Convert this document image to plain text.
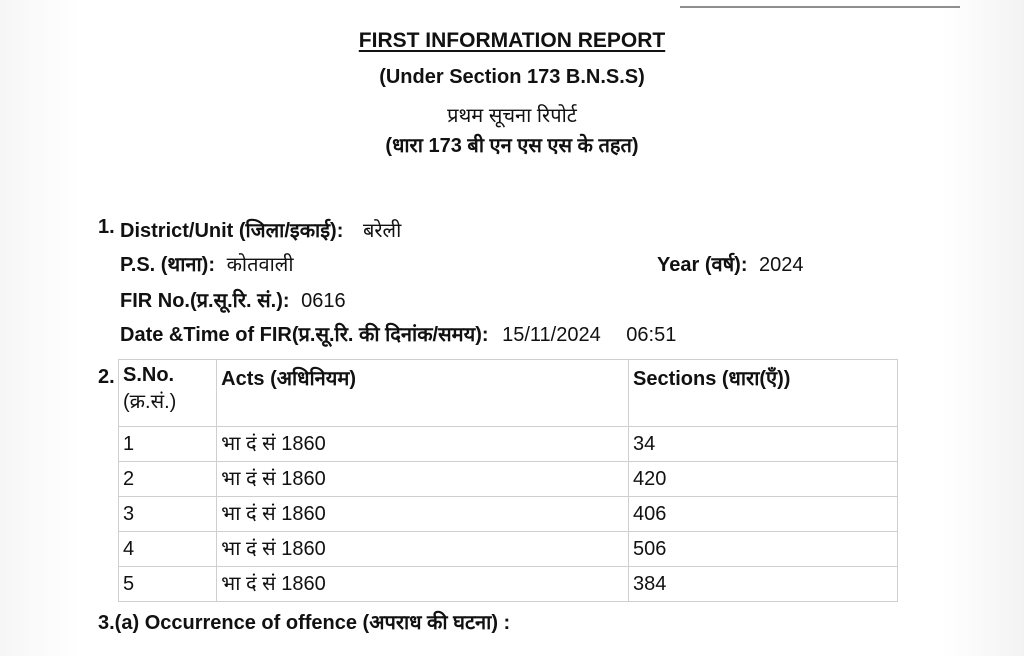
FIRST INFORMATION REPORT
(Under Section 173 B.N.S.S)
प्रथम सूचना रिपोर्ट
(धारा 173 बी एन एस एस के तहत)
1. District/Unit (जिला/इकाई): बरेली
P.S. (थाना): कोतवाली	Year (वर्ष): 2024
FIR No.(प्र.सू.रि. सं.): 0616
Date &Time of FIR(प्र.सू.रि. की दिनांक/समय): 15/11/2024 06:51
2. S.No.
(क्र.सं.)	Acts (अधिनियम)	Sections (धारा(एँ))
1	भा दं सं 1860	34
2	भा दं सं 1860	420
3	भा दं सं 1860	406
4	भा दं सं 1860	506
5	भा दं सं 1860	384
3.(a) Occurrence of offence (अपराध की घटना) :
